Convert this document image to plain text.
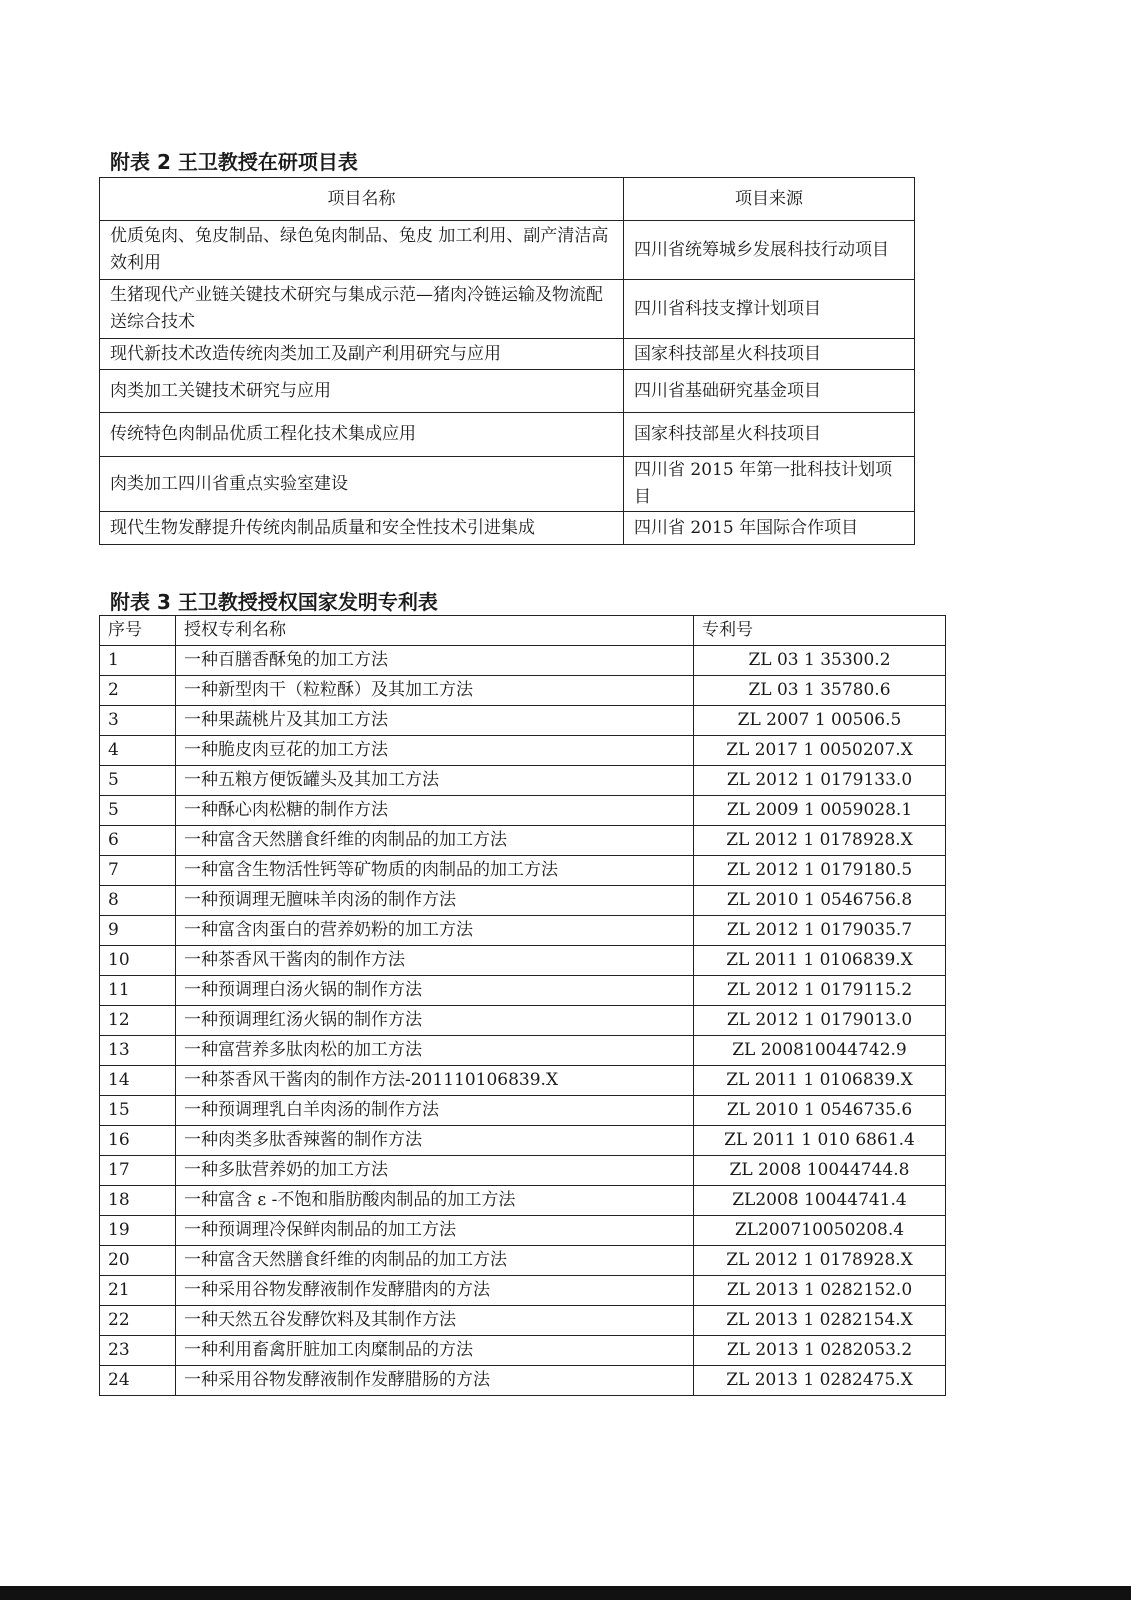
附表 2 王卫教授在研项目表
项目名称	项目来源
优质兔肉、兔皮制品、绿色兔肉制品、兔皮 加工利用、副产清洁高效利用	四川省统筹城乡发展科技行动项目
生猪现代产业链关键技术研究与集成示范—猪肉冷链运输及物流配送综合技术	四川省科技支撑计划项目
现代新技术改造传统肉类加工及副产利用研究与应用	国家科技部星火科技项目
肉类加工关键技术研究与应用	四川省基础研究基金项目
传统特色肉制品优质工程化技术集成应用	国家科技部星火科技项目
肉类加工四川省重点实验室建设	四川省 2015 年第一批科技计划项目
现代生物发酵提升传统肉制品质量和安全性技术引进集成	四川省 2015 年国际合作项目
附表 3 王卫教授授权国家发明专利表
序号	授权专利名称	专利号
1	一种百膳香酥兔的加工方法	ZL 03 1 35300.2
2	一种新型肉干（粒粒酥）及其加工方法	ZL 03 1 35780.6
3	一种果蔬桃片及其加工方法	ZL 2007 1 00506.5
4	一种脆皮肉豆花的加工方法	ZL 2017 1 0050207.X
5	一种五粮方便饭罐头及其加工方法	ZL 2012 1 0179133.0
5	一种酥心肉松糖的制作方法	ZL 2009 1 0059028.1
6	一种富含天然膳食纤维的肉制品的加工方法	ZL 2012 1 0178928.X
7	一种富含生物活性钙等矿物质的肉制品的加工方法	ZL 2012 1 0179180.5
8	一种预调理无膻味羊肉汤的制作方法	ZL 2010 1 0546756.8
9	一种富含肉蛋白的营养奶粉的加工方法	ZL 2012 1 0179035.7
10	一种茶香风干酱肉的制作方法	ZL 2011 1 0106839.X
11	一种预调理白汤火锅的制作方法	ZL 2012 1 0179115.2
12	一种预调理红汤火锅的制作方法	ZL 2012 1 0179013.0
13	一种富营养多肽肉松的加工方法	ZL 200810044742.9
14	一种茶香风干酱肉的制作方法-201110106839.X	ZL 2011 1 0106839.X
15	一种预调理乳白羊肉汤的制作方法	ZL 2010 1 0546735.6
16	一种肉类多肽香辣酱的制作方法	ZL 2011 1 010 6861.4
17	一种多肽营养奶的加工方法	ZL 2008 10044744.8
18	一种富含 ε -不饱和脂肪酸肉制品的加工方法	ZL2008 10044741.4
19	一种预调理冷保鲜肉制品的加工方法	ZL200710050208.4
20	一种富含天然膳食纤维的肉制品的加工方法	ZL 2012 1 0178928.X
21	一种采用谷物发酵液制作发酵腊肉的方法	ZL 2013 1 0282152.0
22	一种天然五谷发酵饮料及其制作方法	ZL 2013 1 0282154.X
23	一种利用畜禽肝脏加工肉糜制品的方法	ZL 2013 1 0282053.2
24	一种采用谷物发酵液制作发酵腊肠的方法	ZL 2013 1 0282475.X
